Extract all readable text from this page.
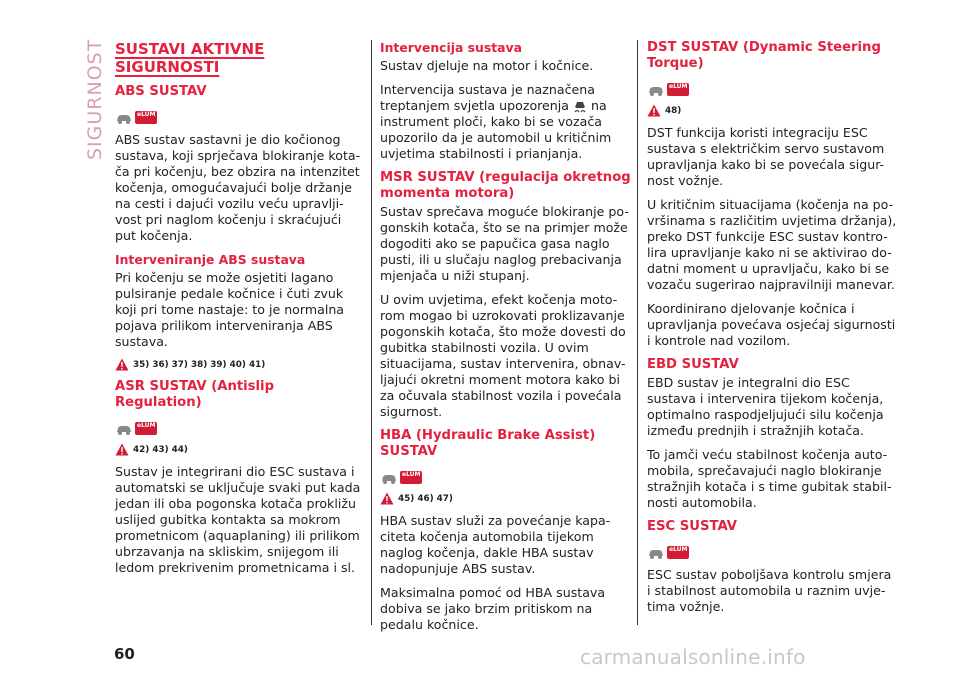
SIGURNOST SUSTAVI AKTIVNE SIGURNOSTI
ABS SUSTAV
eLUM

ABS sustav sastavni je dio kočionog sustava, koji sprječava blokiranje kota-ča pri kočenju, bez obzira na intenzitet kočenja, omogućavajući bolje držanje na cesti i dajući vozilu veću upravlji-vost pri naglom kočenju i skraćujući put kočenja.

Interveniranje ABS sustava

Pri kočenju se može osjetiti lagano pulsiranje pedale kočnice i čuti zvuk koji pri tome nastaje: to je normalna pojava prilikom interveniranja ABS sustava.

35) 36) 37) 38) 39) 40) 41)
ASR SUSTAV (Antislip Regulation)
eLUM
42) 43) 44)

Sustav je integrirani dio ESC sustava i automatski se uključuje svaki put kada jedan ili oba pogonska kotača prokližu uslijed gubitka kontakta sa mokrom prometnicom (aquaplaning) ili prilikom ubrzavanja na skliskim, snijegom ili ledom prekrivenim prometnicama i sl.

Intervencija sustava

Sustav djeluje na motor i kočnice.

Intervencija sustava je naznačena treptanjem svjetla upozorenja na instrument ploči, kako bi se vozača upozorilo da je automobil u kritičnim uvjetima stabilnosti i prianjanja.

MSR SUSTAV (regulacija okretnog momenta motora)

Sustav sprečava moguće blokiranje po-gonskih kotača, što se na primjer može dogoditi ako se papučica gasa naglo pusti, ili u slučaju naglog prebacivanja mjenjača u niži stupanj.

U ovim uvjetima, efekt kočenja moto-rom mogao bi uzrokovati proklizavanje pogonskih kotača, što može dovesti do gubitka stabilnosti vozila. U ovim situacijama, sustav intervenira, obnav-ljajući okretni moment motora kako bi za očuvala stabilnost vozila i povećala sigurnost.

HBA (Hydraulic Brake Assist) SUSTAV
eLUM
45) 46) 47)

HBA sustav služi za povećanje kapa-citeta kočenja automobila tijekom naglog kočenja, dakle HBA sustav nadopunjuje ABS sustav.

Maksimalna pomoć od HBA sustava dobiva se jako brzim pritiskom na pedalu kočnice.

DST SUSTAV (Dynamic Steering Torque)
eLUM
48)

DST funkcija koristi integraciju ESC sustava s električkim servo sustavom upravljanja kako bi se povećala sigur-nost vožnje.

U kritičnim situacijama (kočenja na po-vršinama s različitim uvjetima držanja), preko DST funkcije ESC sustav kontro-lira upravljanje kako ni se aktivirao do-datni moment u upravljaču, kako bi se vozaču sugerirao najpravilniji manevar.

Koordinirano djelovanje kočnica i upravljanja povećava osjećaj sigurnosti i kontrole nad vozilom.

EBD SUSTAV

EBD sustav je integralni dio ESC sustava i intervenira tijekom kočenja, optimalno raspodjeljujući silu kočenja između prednjih i stražnjih kotača.

To jamči veću stabilnost kočenja auto-mobila, sprečavajući naglo blokiranje stražnjih kotača i s time gubitak stabil-nosti automobila.

ESC SUSTAV
eLUM

ESC sustav poboljšava kontrolu smjera i stabilnost automobila u raznim uvje-tima vožnje.

60	carmanualsonline.info
